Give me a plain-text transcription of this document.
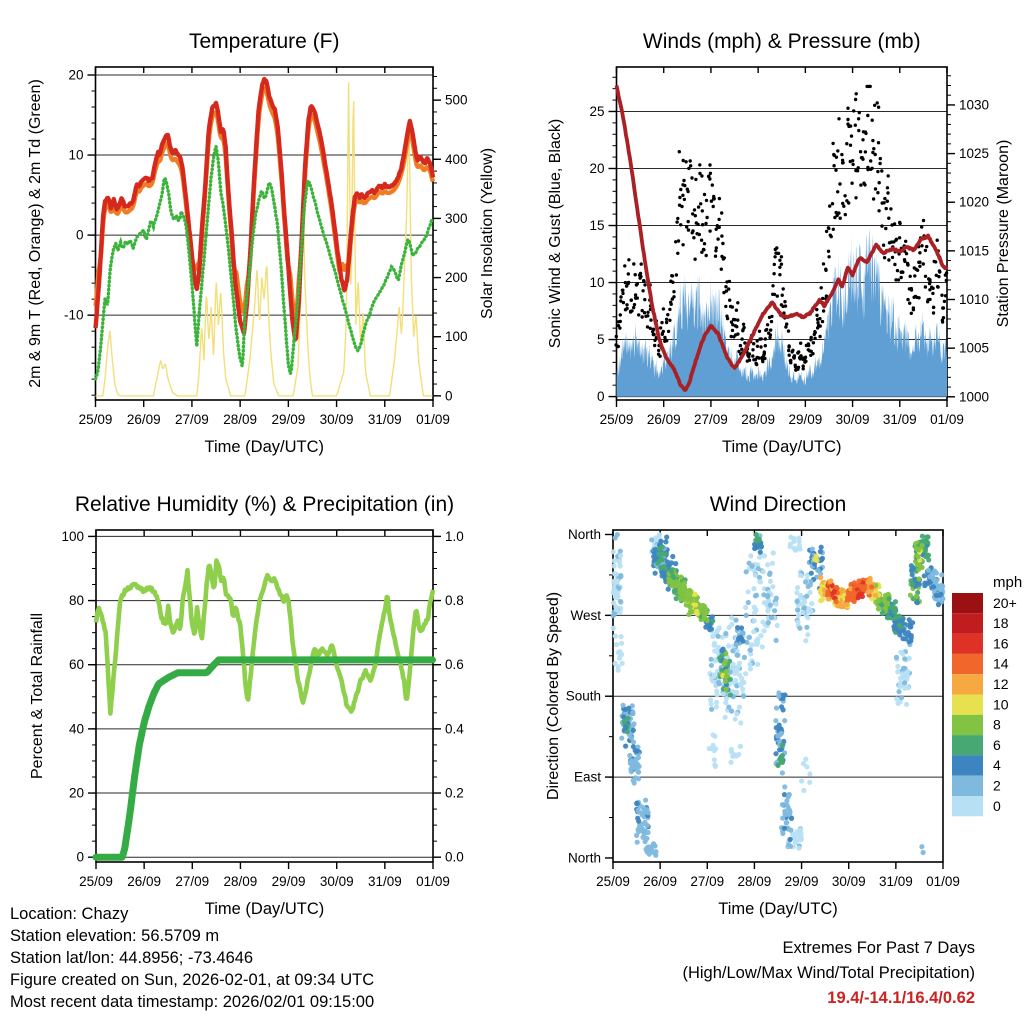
25/09 26/09 27/09 28/09 29/09 30/09 31/09 01/09
-10
0
10
20
0
100
200
300
400
500
Temperature (F)
Time (Day/UTC)
2m & 9m T (Red, Orange) & 2m Td (Green)	Solar Insolation (Yellow)
25/09 26/09 27/09 28/09 29/09 30/09 31/09 01/09
0
5
10
15
20
25
1000
1005
1010
1015
1020
1025
1030
Winds (mph) & Pressure (mb)
Time (Day/UTC)
Sonic Wind & Gust (Blue, Black)	Station Pressure (Maroon)
25/09 26/09 27/09 28/09 29/09 30/09 31/09 01/09
0
20
40
60
80
100
0.0
0.2
0.4
0.6
0.8
1.0
Relative Humidity (%) & Precipitation (in)
Time (Day/UTC)
Percent & Total Rainfall
25/09 26/09 27/09 28/09 29/09 30/09 31/09 01/09
North
West
South
East
North
Wind Direction
Time (Day/UTC)
Direction (Colored By Speed)
mph
20+
18
16
14
12
10
8
6
4
2
0
Location: Chazy
Station elevation: 56.5709 m
Station lat/lon: 44.8956; -73.4646
Figure created on Sun, 2026-02-01, at 09:34 UTC
Most recent data timestamp: 2026/02/01 09:15:00
Extremes For Past 7 Days
(High/Low/Max Wind/Total Precipitation)
19.4/-14.1/16.4/0.62
